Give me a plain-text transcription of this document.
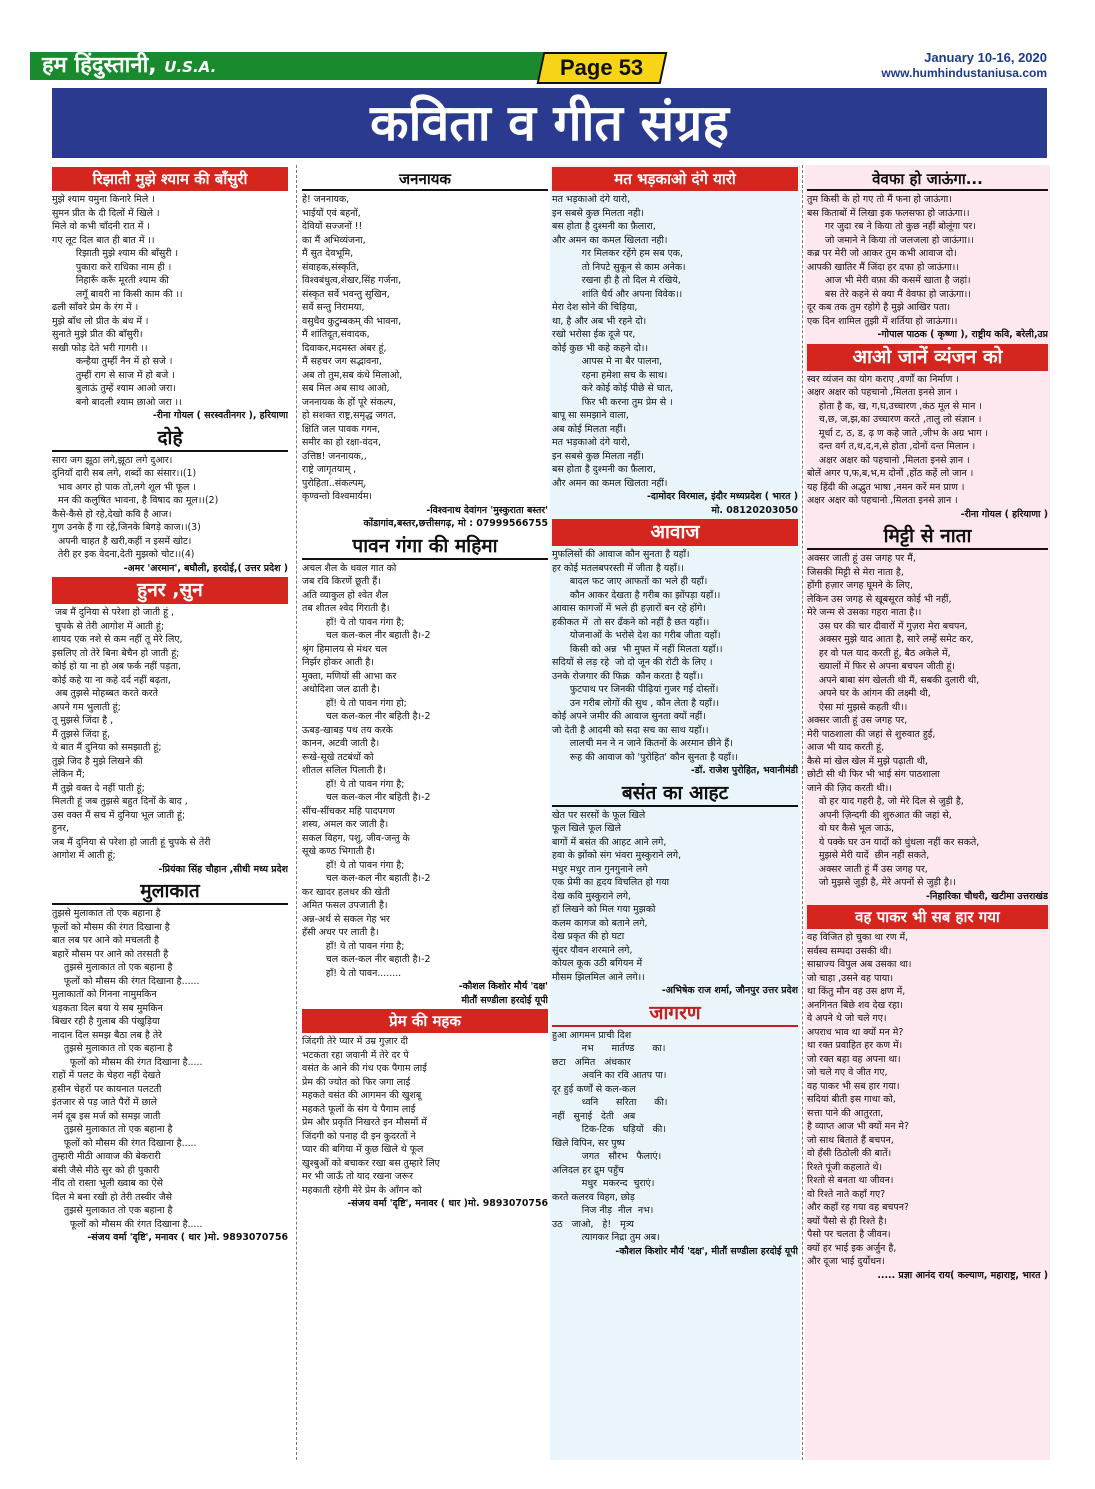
हम हिंदुस्तानी, U.S.A.	Page 53	January 10-16, 2020
www.humhindustaniusa.com
कविता व गीत संग्रह
रिझाती मुझे श्याम की बाँसुरी
मुझे श्याम यमुना किनारे मिले ।
सुमन प्रीत के दी दिलों में खिले ।
मिले वो कभी चाँदनी रात में ।
गए लूट दिल बात ही बात में ।।
रिझाती मुझे श्याम की बाँसुरी ।
पुकारा करे राधिका नाम ही ।
निहारूँ करूँ मूरती श्याम की
लगूँ बावरी ना किसी काम की ।।
ढली साँवरे प्रेम के रंग में ।
मुझे बाँध लो प्रीत के बंध में ।
सुनाते मुझे प्रीत की बाँसुरी।
सखी फोड़ देते भरी गागरी ।।
कन्हैया तुम्हीं नैन में हो सजे ।
तुम्हीं राग से साज में हो बजे ।
बुलाऊं तुम्हें श्याम आओ जरा।
बनो बादली श्याम छाओ जरा ।।
-रीना गोयल ( सरस्वतीनगर ), हरियाणा
दोहे
सारा जग झूठा लगे,झूठा लगे दुआर।
दुनियाँ दारी सब लगे, शब्दों का संसार।।(1)
भाव अगर हो पाक तो,लगे शूल भी फूल ।
मन की कलुषित भावना, है विषाद का मूल।।(2)
कैसे-कैसे हो रहे,देखो कवि है आज।
गुण उनके हैं गा रहे,जिनके बिगड़े काज।।(3)
अपनी चाहत है खरी,कहीं न इसमें खोट।
तेरी हर इक वेदना,देती मुझको चोट।।(4)
-अमर 'अरमान', बघौली, हरदोई,( उत्तर प्रदेश )
हुनर ,सुन
जब मैं दुनिया से परेशा हो जाती हूं ,
चुपके से तेरी आगोश में आती हूं;
शायद एक नशे से कम नहीं तू मेरे लिए,
इसलिए तो तेरे बिना बेचैन हो जाती हूं;
कोई हो या ना हो अब फर्क नहीं पड़ता,
कोई कहे या ना कहे दर्द नहीं बढ़ता,
अब तुझसे मोहब्बत करते करते
अपने गम भुलाती हूं;
तू मुझसे जिंदा है ,
मैं तुझसे जिंदा हूं,
ये बात मैं दुनिया को समझाती हूं;
तुझे जिद है मुझे लिखने की
लेकिन मैं;
मैं तुझे वक्त दे नहीं पाती हूं;
मिलती हूं जब तुझसे बहुत दिनों के बाद ,
उस वक्त मैं सच में दुनिया भूल जाती हूं;
हुनर,
जब मैं दुनिया से परेशा हो जाती हूं चुपके से तेरी
आगोश में आती हूं;
-प्रियंका सिंह चौहान ,सीधी मध्य प्रदेश
मुलाकात
तुझसे मुलाकात तो एक बहाना है
फूलों को मौसम की रंगत दिखाना है
बात लब पर आने को मचलती है
बहारें मौसम पर आने को तरसती है
तुझसे मुलाकात तो एक बहाना है
फूलों को मौसम की रंगत दिखाना है......
मुलाकातों को गिनना नामुमकिन
धड़कता दिल बया ये सब मुमकिन
बिखर रही है गुलाब की पंखुड़िया
नादान दिल समझ बैठा लब है तेरे
तुझसे मुलाकात तो एक बहाना है
फूलों को मौसम की रंगत दिखाना है.....
राहों में पलट के चेहरा नहीं देखते
हसीन चेहरों पर कायनात पलटती
इंतजार से पड़ जाते पैरों में छाले
नर्म दूब इस मर्ज को समझ जाती
तुझसे मुलाकात तो एक बहाना है
फूलों को मौसम की रंगत दिखाना है.....
तुम्हारी मीठी आवाज की बेकरारी
बंसी जैसे मीठे सुर को ही पुकारी
नींद तो रास्ता भूली ख्वाब का ऐसे
दिल मे बना रखी हो तेरी तस्वीर जैसे
तुझसे मुलाकात तो एक बहाना है
फूलों को मौसम की रंगत दिखाना है.....
-संजय वर्मा 'दृष्टि', मनावर ( धार )मो. 9893070756
जननायक
हे! जननायक,
भाईयों एवं बहनों,
देवियों सज्जनों !!
का मैं अभिव्यंजना,
मैं सुत देवभूमि,
संवाहक,संस्कृति,
विश्वबंधुत्व,शेखर,सिंह गर्जना,
संस्कृत सर्वे भवन्तु सुखिन,
सर्वे सन्तु निरामया,
वसुधैव कुटुम्बकम् की भावना,
मैं शांतिदूत,संवादक,
दिवाकर,मदमस्त अंबर हूं,
मैं सहचर जग सद्भावना,
अब तो तुम,सब कंधे मिलाओ,
सब मिल अब साथ आओ,
जननायक के हों पूरे संकल्प,
हो सशक्त राष्ट्र,समृद्ध जगत,
क्षिति जल पावक गगन,
समीर का हो रक्षा-वंदन,
उत्तिष्ठ! जननायक,,
राष्ट्रे जागृतयाम् ,
पुरोहिता..संकल्पम्,
कृण्वन्तो विश्वमार्यम।
-विश्वनाथ देवांगन 'मुस्कुराता बस्तर'
कोंडागांव,बस्तर,छत्तीसगढ़, मो : 07999566755
पावन गंगा की महिमा
अचल शैल के धवल गात को
जब रवि किरणें छूती हैं।
अति व्याकुल हो श्वेत शैल
तब शीतल श्वेद गिराती है।
हाँ! ये तो पावन गंगा है;
चल कल-कल नीर बहाती है।-2
श्रृंग हिमालय से मंथर चल
निर्झर होकर आती है।
मुक्ता, मणियों सी आभा कर
अधोदिशा जल ढाती है।
हाँ! ये तो पावन गंगा हो;
चल कल-कल नीर बहिती है।-2
ऊबड़-खाबड़ पथ तय करके
कानन, अटवी जाती है।
रूखे-सूखे तटबंधों को
शीतल सलिल पिलाती है।
हाँ! ये तो पावन गंगा है;
चल कल-कल नीर बहिती है।-2
सींच-सींचकर महि पादपगण
शस्य, अमल कर जाती है।
सकल विहग, पशु, जीव-जन्तु के
सूखे कण्ठ भिगाती है।
हाँ! ये तो पावन गंगा है;
चल कल-कल नीर बहाती है।-2
कर खादर हलधर की खेती
अमित फसल उपजाती है।
अन्न-अर्थ से सकल गेह भर
हँसी अधर पर लाती है।
हाँ! ये तो पावन गंगा है;
चल कल-कल नीर बहाती है।-2
हाँ! ये तो पावन........
-कौशल किशोर मौर्य 'दक्ष'
मीतौं सण्डीला हरदोई यूपी
प्रेम की महक
जिंदगी तेरे प्यार में उम्र गुज़ार दी
भटकता रहा जवानी में तेरे दर पे
वसंत के आने की गंध एक पैगाम लाई
प्रेम की ज्योत को फिर जगा लाई
महकते वसंत की आगमन की खुशबू
महकते फूलों के संग ये पैगाम लाई
प्रेम और प्रकृति निखरते इन मौसमों में
जिंदगी को पनाह दी इन कुदरतों ने
प्यार की बगिया में कुछ खिले थे फूल
खुश्बुओं को बचाकर रखा बस तुम्हारे लिए
मर भी जाऊँ तो याद रखना जरूर
महकाती रहेगी मेरे प्रेम के आँगन को
-संजय वर्मा 'दृष्टि', मनावर ( धार )मो. 9893070756
मत भड़काओ दंगे यारो
मत भड़काओ दंगे यारो,
इन सबसे कुछ मिलता नही।
बस होता है दुश्मनी का फ़ैलारा,
और अमन का कमल खिलता नही।
गर मिलकर रहेंगे हम सब एक,
तो निपटे सुकून से काम अनेक।
रखना ही है तो दिल मे रखिये,
शांति धैर्य और अपना विवेक।।
मेरा देश सोने की चिड़िया,
था, है और अब भी रहने दो।
रखो भरोसा ईक दूजे पर,
कोई कुछ भी कहे कहने दो।।
आपस मे ना बैर पालना,
रहना हमेशा सच के साथ।
करे कोई कोई पीछे से घात,
फिर भी करना तुम प्रेम से ।
बापू सा समझाने वाला,
अब कोई मिलता नहीं।
मत भड़काओ दंगे यारो,
इन सबसे कुछ मिलता नहीं।
बस होता है दुश्मनी का फ़ैलारा,
और अमन का कमल खिलता नहीं।
-दामोदर विरमाल, इंदौर मध्यप्रदेश ( भारत )
मो. 08120203050
आवाज
मुफलिसों की आवाज कौन सुनता है यहाँ।
हर कोई मतलबपरस्ती में जीता है यहाँ।।
बादल फट जाए आफतों का भले ही यहाँ।
कौन आकर देखता है गरीब का झोंपड़ा यहाँ।।
आवास कागजों में भले ही हज़ारों बन रहे होंगे।
हकीकत में  तो सर ढँकने को नहीं है छत यहाँ।।
योजनाओं के भरोसे देश का गरीब जीता यहाँ।
किसी को अन्न  भी मुफ्त में नहीं मिलता यहाँ।।
सदियों से लड़ रहे  जो दो जून की रोटी के लिए ।
उनके रोजगार की फिक्र  कौन करता है यहाँ।।
फुटपाथ पर जिनकी पीढ़ियां गुजर गई दोस्तों।
उन गरीब लोगों की सुध , कौन लेता है यहाँ।।
कोई अपने जमीर की आवाज सुनता क्यों नहीं।
जो देती है आदमी को सदा सच का साथ यहाँ।।
लालची मन ने न जाने कितनों के अरमान छीने हैं।
रूह की आवाज को 'पुरोहित' कौन सुनता है यहाँ।।
-डॉ. राजेश पुरोहित, भवानीमंडी
बसंत का आहट
खेत पर सरसों के फूल खिले
फूल खिले फूल खिले
बागों में बसंत की आहट आने लगे,
हवा के झोंको संग भंवरा मुस्कुराने लगे,
मधुर मधुर तान गुनगुनाने लगे
एक प्रेमी का हृदय विचलित हो गया
देख कवि मुस्कुराने लगे,
हॉ लिखने को मिल गया मुझको
कलम कागज को बताने लगे,
देख प्रकृत की हो घटा
सुंदर यौवन शरमाने लगे,
कोयल कूक उठी बगियन में
मौसम झिलमिल आने लगे।।
-अभिषेक राज शर्मा, जौनपुर उत्तर प्रदेश
जागरण
हुआ आगमन प्राची दिश
नभ      मार्तण्ड      का।
छटा   अमित   अंधकार
अवनि का रवि आतप पा।
दूर हुई कर्णों से कल-कल
ध्वनि      सरिता      की।
नहीं   सुनाई   देती   अब
टिक-टिक   घड़ियों   की।
खिले विपिन, सर पुष्प
जगत   सौरभ   फैलाएं।
अलिदल हर द्रुम पहुँच
मधुर  मकरन्द  चुराएं।
करते कलरव विहग, छोड़
निज नीड़  नील  नभ।
उठ   जाओ,   हे!   मृत्र्य
त्यागकर निद्रा तुम अब।
-कौशल किशोर मौर्य 'दक्ष', मीतौं सण्डीला हरदोई यूपी
वेवफा हो जाऊंगा...
तुम किसी के हो गए तो मैं फना हो जाऊंगा।
बस किताबों में लिखा इक फलसफा हो जाऊंगा।।
गर जुदा रब ने किया तो कुछ नहीं बोलूंगा पर।
जो जमाने ने किया तो जलजला हो जाऊंगा।।
कब्र पर मेरी जो आकर तुम कभी आवाज दो।
आपकी खातिर मैं जिंदा हर दफा हो जाऊंगा।।
आज भी मेरी वफ़ा की कसमें खाता है जहां।
बस तेरे कहने से क्या मैं वेवफा हो जाऊंगा।।
दूर कब तक तुम रहोगे है मुझे आखिर पता।
एक दिन शामिल तुझी में शर्तिया हो जाऊंगा।।
-गोपाल पाठक ( कृष्णा ), राष्ट्रीय कवि, बरेली,उप्र
आओ जानें व्यंजन को
स्वर व्यंजन का योग कराए ,वर्णों का निर्माण ।
अक्षर अक्षर को पहचानो ,मिलता इनसे ज्ञान ।
होता है क, ख, ग,घ,उच्चारण ,कंठ मूल से मान ।
च,छ, ज,झ,का उच्चारण करते ,तालु लो संज्ञान ।
मूर्धा ट, ठ, ड, ढ़ ण कहे जाते ,जीभ के अग्र भाग ।
दन्त वर्ग त,थ,द,न,से होता ,दोनों दन्त मिलान ।
अक्षर अक्षर को पहचानो ,मिलता इनसे ज्ञान ।
बोलें अगर प,फ,ब,भ,म दोनों ,होंठ कहें लो जान ।
यह हिंदी की अद्भुत भाषा ,नमन करें मन प्राण ।
अक्षर अक्षर को पहचानो ,मिलता इनसे ज्ञान ।
-रीना गोयल ( हरियाणा )
मिट्टी से नाता
अक्सर जाती हूं उस जगह पर मैं,
जिसकी मिट्टी से मेरा नाता है,
होंगी हज़ार जगह घूमने के लिए,
लेकिन उस जगह से खूबसूरत कोई भी नहीं,
मेरे जन्म से उसका गहरा नाता है।।
उस घर की चार दीवारों में गुज़रा मेरा बचपन,
अक्सर मुझे याद आता है, सारे लम्हें समेट कर,
हर वो पल याद करती हूं, बैठ अकेले में,
ख्यालों में फिर से अपना बचपन जीती हूं।
अपने बाबा संग खेलती थी मैं, सबकी दुलारी थी,
अपने घर के आंगन की लक्ष्मी थी,
ऐसा मां मुझसे कहती थी।।
अक्सर जाती हूं उस जगह पर,
मेरी पाठशाला की जहां से शुरुवात हुई,
आज भी याद करती हूं,
कैसे मां खेल खेल में मुझे पढ़ाती थी,
छोटी सी थी फिर भी भाई संग पाठशाला
जाने की ज़िद करती थी।।
वो हर याद गहरी है, जो मेरे दिल से जुड़ी है,
अपनी ज़िन्दगी की शुरुआत की जहां से,
वो घर कैसे भूल जाऊं,
ये पक्के घर उन यादों को धुंधला नहीं कर सकते,
मुझसे मेरी यादें  छीन नहीं सकते,
अक्सर जाती हूं मैं उस जगह पर,
जो मुझसे जुड़ी है, मेरे अपनों से जुड़ी है।।
-निहारिका चौधरी, खटीमा उत्तराखंड
वह पाकर भी सब हार गया
वह विजित हो चुका था रण में,
सर्वस्व सम्पदा उसकी थी।
साम्राज्य विपुल अब उसका था।
जो चाहा ,उसने वह पाया।
था किंतु मौन वह उस क्षण में,
अनगिनत बिछे शव देख रहा।
वे अपने थे जो चले गए।
अपराध भाव था क्यों मन मे?
था रक्त प्रवाहित हर कण में।
जो रक्त बहा वह अपना था।
जो चले गए वे जीत गए,
वह पाकर भी सब हार गया।
सदियां बीती इस गाथा को,
सत्ता पाने की आतुरता,
है व्याप्त आज भी क्यों मन मे?
जो साथ बिताते हैं बचपन,
वो हँसी ठिठोली की बातें।
रिश्ते पूंजी कहलाते थे।
रिश्तो से बनता था जीवन।
वो रिश्ते नाते कहाँ गए?
और कहाँ रह गया वह बचपन?
क्यों पैसो से ही रिश्ते है।
पैसो पर चलता है जीवन।
क्यों हर भाई इक अर्जुन है,
और दूजा भाई दुर्योधन।
..... प्रज्ञा आनंद राय( कल्याण, महाराष्ट्र, भारत )
